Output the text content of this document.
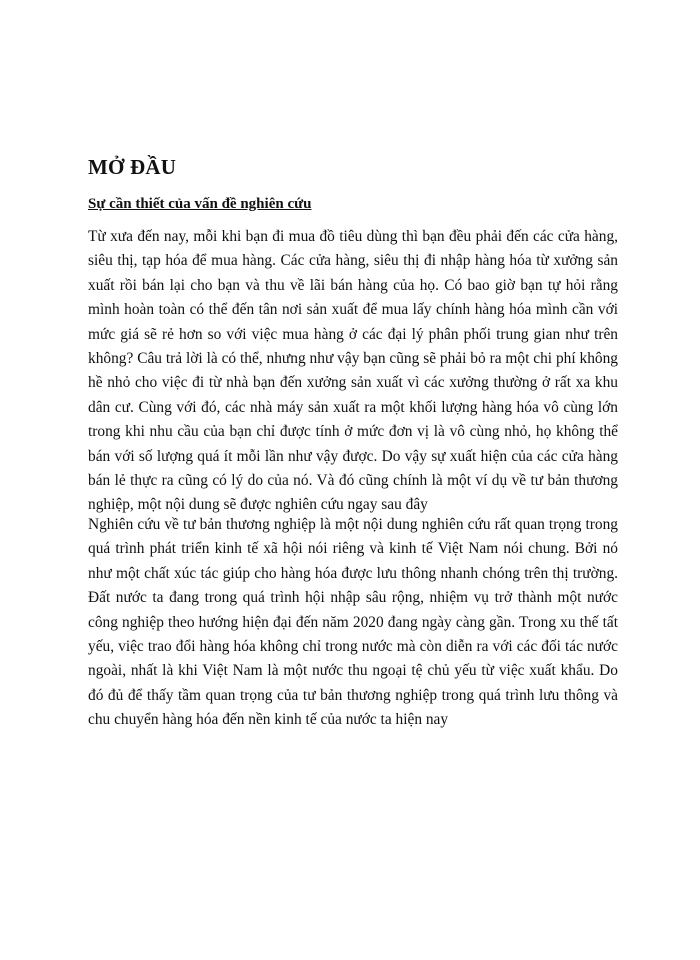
MỞ ĐẦU
Sự cần thiết của vấn đề nghiên cứu

Từ xưa đến nay, mỗi khi bạn đi mua đồ tiêu dùng thì bạn đều phải đến các cửa hàng, siêu thị, tạp hóa để mua hàng. Các cửa hàng, siêu thị đi nhập hàng hóa từ xưởng sản xuất rồi bán lại cho bạn và thu về lãi bán hàng của họ. Có bao giờ bạn tự hỏi rằng mình hoàn toàn có thể đến tân nơi sản xuất để mua lấy chính hàng hóa mình cần với mức giá sẽ rẻ hơn so với việc mua hàng ở các đại lý phân phối trung gian như trên không? Câu trả lời là có thể, nhưng như vậy bạn cũng sẽ phải bỏ ra một chi phí không hề nhỏ cho việc đi từ nhà bạn đến xưởng sản xuất vì các xưởng thường ở rất xa khu dân cư. Cùng với đó, các nhà máy sản xuất ra một khối lượng hàng hóa vô cùng lớn trong khi nhu cầu của bạn chỉ được tính ở mức đơn vị là vô cùng nhỏ, họ không thể bán với số lượng quá ít mỗi lần như vậy được. Do vậy sự xuất hiện của các cửa hàng bán lẻ thực ra cũng có lý do của nó. Và đó cũng chính là một ví dụ về tư bản thương nghiệp, một nội dung sẽ được nghiên cứu ngay sau đây

Nghiên cứu về tư bản thương nghiệp là một nội dung nghiên cứu rất quan trọng trong quá trình phát triển kinh tế xã hội nói riêng và kinh tế Việt Nam nói chung. Bởi nó như một chất xúc tác giúp cho hàng hóa được lưu thông nhanh chóng trên thị trường. Đất nước ta đang trong quá trình hội nhập sâu rộng, nhiệm vụ trở thành một nước công nghiệp theo hướng hiện đại đến năm 2020 đang ngày càng gần. Trong xu thế tất yếu, việc trao đổi hàng hóa không chỉ trong nước mà còn diễn ra với các đối tác nước ngoài, nhất là khi Việt Nam là một nước thu ngoại tệ chủ yếu từ việc xuất khẩu. Do đó đủ để thấy tầm quan trọng của tư bản thương nghiệp trong quá trình lưu thông và chu chuyển hàng hóa đến nền kinh tế của nước ta hiện nay
